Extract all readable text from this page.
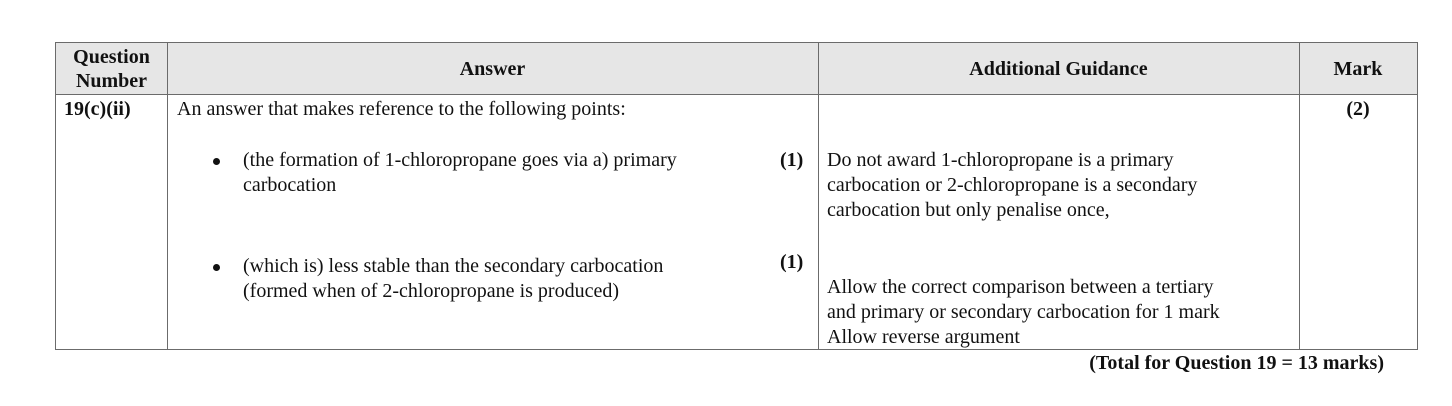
Question Number
Answer	Additional Guidance	Mark
19(c)(ii) An answer that makes reference to the following points:
(the formation of 1-chloropropane goes via a) primary
carbocation
(1)
(which is) less stable than the secondary carbocation
(formed when of 2-chloropropane is produced)
(1)
Do not award 1-chloropropane is a primary
carbocation or 2-chloropropane is a secondary
carbocation but only penalise once,
Allow the correct comparison between a tertiary
and primary or secondary carbocation for 1 mark
Allow reverse argument
(2)
(Total for Question 19 = 13 marks)
